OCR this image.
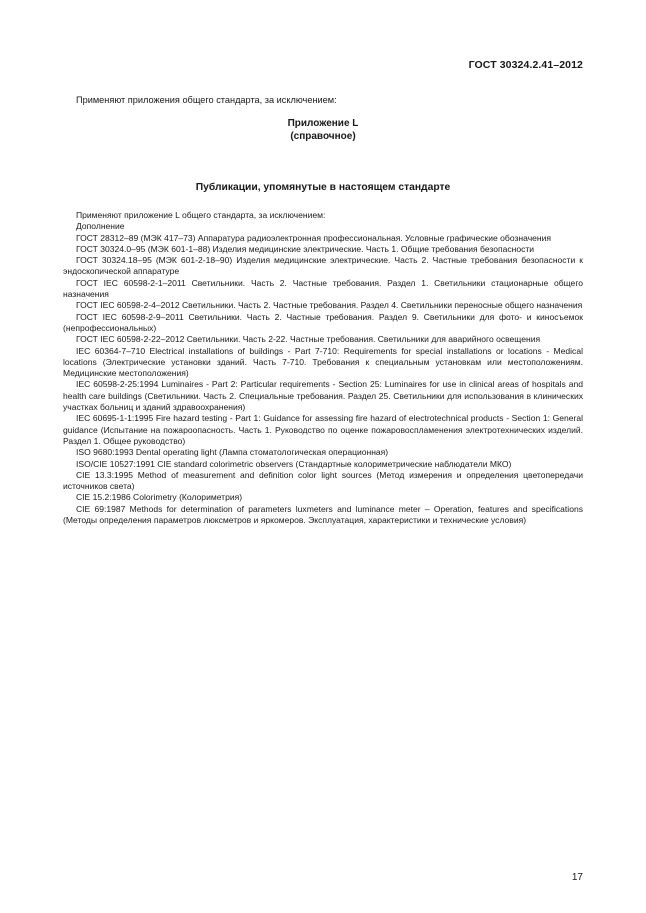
ГОСТ 30324.2.41–2012
Применяют приложения общего стандарта, за исключением:
Приложение L
(справочное)
Публикации, упомянутые в настоящем стандарте

Применяют приложение L общего стандарта, за исключением:

Дополнение

ГОСТ 28312–89 (МЭК 417–73) Аппаратура радиоэлектронная профессиональная. Условные графические обозначения

ГОСТ 30324.0–95 (МЭК 601-1–88) Изделия медицинские электрические. Часть 1. Общие требования безопасности

ГОСТ 30324.18–95 (МЭК 601-2-18–90) Изделия медицинские электрические. Часть 2. Частные требования безопасности к эндоскопической аппаратуре

ГОСТ IEC 60598-2-1–2011 Светильники. Часть 2. Частные требования. Раздел 1. Светильники стационарные общего назначения

ГОСТ IEC 60598-2-4–2012 Светильники. Часть 2. Частные требования. Раздел 4. Светильники переносные общего назначения

ГОСТ IEC 60598-2-9–2011 Светильники. Часть 2. Частные требования. Раздел 9. Светильники для фото- и киносъемок (непрофессиональных)

ГОСТ IEC 60598-2-22–2012 Светильники. Часть 2-22. Частные требования. Светильники для аварийного освещения

IEC 60364-7–710 Electrical installations of buildings - Part 7-710: Requirements for special installations or locations - Medical locations (Электрические установки зданий. Часть 7-710. Требования к специальным установкам или местоположениям. Медицинские местоположения)

IEC 60598-2-25:1994 Luminaires - Part 2: Particular requirements - Section 25: Luminaires for use in clinical areas of hospitals and health care buildings (Светильники. Часть 2. Специальные требования. Раздел 25. Светильники для использования в клинических участках больниц и зданий здравоохранения)

IEC 60695-1-1:1995 Fire hazard testing - Part 1: Guidance for assessing fire hazard of electrotechnical products - Section 1: General guidance (Испытание на пожароопасность. Часть 1. Руководство по оценке пожаровоспламенения электротехнических изделий. Раздел 1. Общее руководство)

ISO 9680:1993 Dental operating light (Лампа стоматологическая операционная)

ISO/CIE 10527:1991 CIE standard colorimetric observers (Стандартные колориметрические наблюдатели МКО)

CIE 13.3:1995 Method of measurement and definition color light sources (Метод измерения и определения цветопередачи источников света)

CIE 15.2:1986 Colorimetry (Колориметрия)

CIE 69:1987 Methods for determination of parameters luxmeters and luminance meter – Operation, features and specifications (Методы определения параметров люксметров и яркомеров. Эксплуатация, характеристики и технические условия)

17
